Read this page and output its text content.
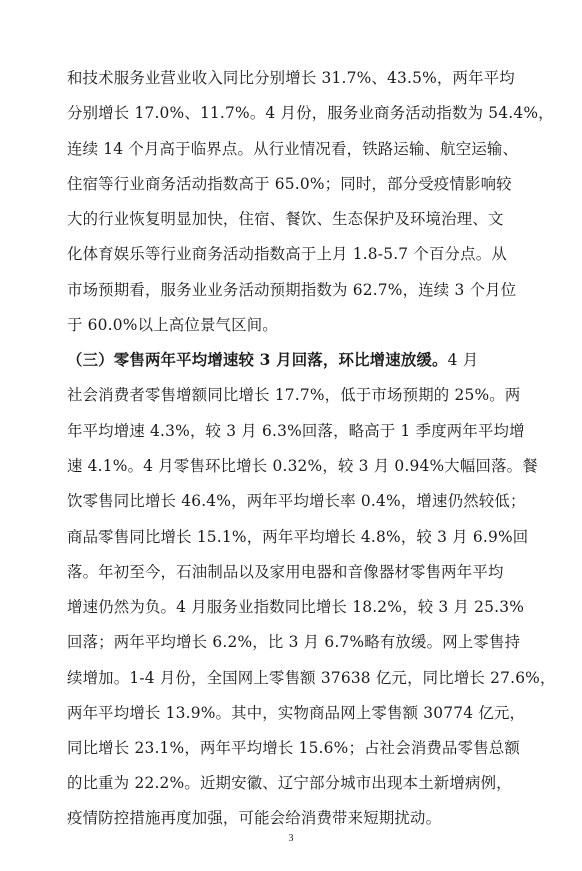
和技术服务业营业收入同比分别增长 31.7%、43.5%，两年平均
分别增长 17.0%、11.7%。4 月份，服务业商务活动指数为 54.4%，
连续 14 个月高于临界点。从行业情况看，铁路运输、航空运输、
住宿等行业商务活动指数高于 65.0%；同时，部分受疫情影响较
大的行业恢复明显加快，住宿、餐饮、生态保护及环境治理、文
化体育娱乐等行业商务活动指数高于上月 1.8-5.7 个百分点。从
市场预期看，服务业业务活动预期指数为 62.7%，连续 3 个月位
于 60.0%以上高位景气区间。
（三）零售两年平均增速较 3 月回落，环比增速放缓。4 月
社会消费者零售增额同比增长 17.7%，低于市场预期的 25%。两
年平均增速 4.3%，较 3 月 6.3%回落，略高于 1 季度两年平均增
速 4.1%。4 月零售环比增长 0.32%，较 3 月 0.94%大幅回落。餐
饮零售同比增长 46.4%，两年平均增长率 0.4%，增速仍然较低；
商品零售同比增长 15.1%，两年平均增长 4.8%，较 3 月 6.9%回
落。年初至今，石油制品以及家用电器和音像器材零售两年平均
增速仍然为负。4 月服务业指数同比增长 18.2%，较 3 月 25.3%
回落；两年平均增长 6.2%，比 3 月 6.7%略有放缓。网上零售持
续增加。1-4 月份，全国网上零售额 37638 亿元，同比增长 27.6%，
两年平均增长 13.9%。其中，实物商品网上零售额 30774 亿元，
同比增长 23.1%，两年平均增长 15.6%；占社会消费品零售总额
的比重为 22.2%。近期安徽、辽宁部分城市出现本土新增病例，
疫情防控措施再度加强，可能会给消费带来短期扰动。
3
